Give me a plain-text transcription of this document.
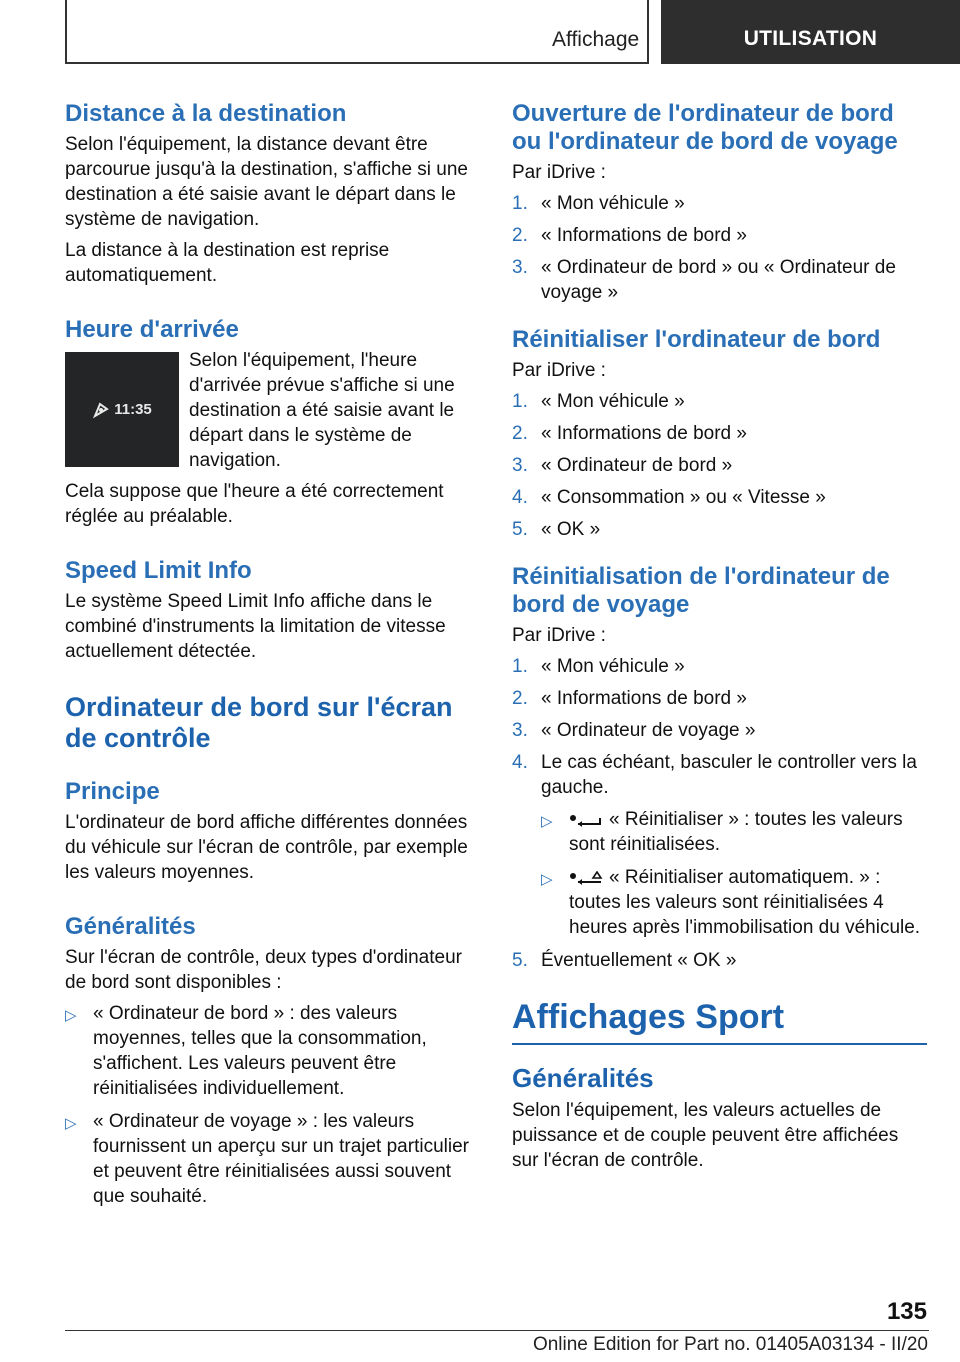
Affichage	UTILISATION
Distance à la destination

Selon l'équipement, la distance devant être parcourue jusqu'à la destination, s'affiche si une destination a été saisie avant le départ dans le système de navigation.

La distance à la destination est reprise automatiquement.

Heure d'arrivée
11:35

Selon l'équipement, l'heure d'arrivée prévue s'affiche si une destination a été saisie avant le départ dans le système de navigation.

Cela suppose que l'heure a été correctement réglée au préalable.

Speed Limit Info

Le système Speed Limit Info affiche dans le combiné d'instruments la limitation de vitesse actuellement détectée.

Ordinateur de bord sur l'écran de contrôle
Principe

L'ordinateur de bord affiche différentes données du véhicule sur l'écran de contrôle, par exemple les valeurs moyennes.

Généralités

Sur l'écran de contrôle, deux types d'ordinateur de bord sont disponibles :

▷ « Ordinateur de bord » : des valeurs moyennes, telles que la consommation, s'affichent. Les valeurs peuvent être réinitialisées individuellement.
▷ « Ordinateur de voyage » : les valeurs fournissent un aperçu sur un trajet particulier et peuvent être réinitialisées aussi souvent que souhaité.
Ouverture de l'ordinateur de bord ou l'ordinateur de bord de voyage

Par iDrive :

1. « Mon véhicule »
2. « Informations de bord »
3. « Ordinateur de bord » ou « Ordinateur de voyage »
Réinitialiser l'ordinateur de bord

Par iDrive :

1. « Mon véhicule »
2. « Informations de bord »
3. « Ordinateur de bord »
4. « Consommation » ou « Vitesse »
5. « OK »
Réinitialisation de l'ordinateur de bord de voyage

Par iDrive :

1. « Mon véhicule »
2. « Informations de bord »
3. « Ordinateur de voyage »
4. Le cas échéant, basculer le controller vers la gauche.
▷	« Réinitialiser » : toutes les valeurs sont réinitialisées.
▷	« Réinitialiser automatiquem. » : toutes les valeurs sont réinitialisées 4 heures après l'immobilisation du véhicule.
5. Éventuellement « OK »
Affichages Sport
Généralités

Selon l'équipement, les valeurs actuelles de puissance et de couple peuvent être affichées sur l'écran de contrôle.

135
Online Edition for Part no. 01405A03134 - II/20
